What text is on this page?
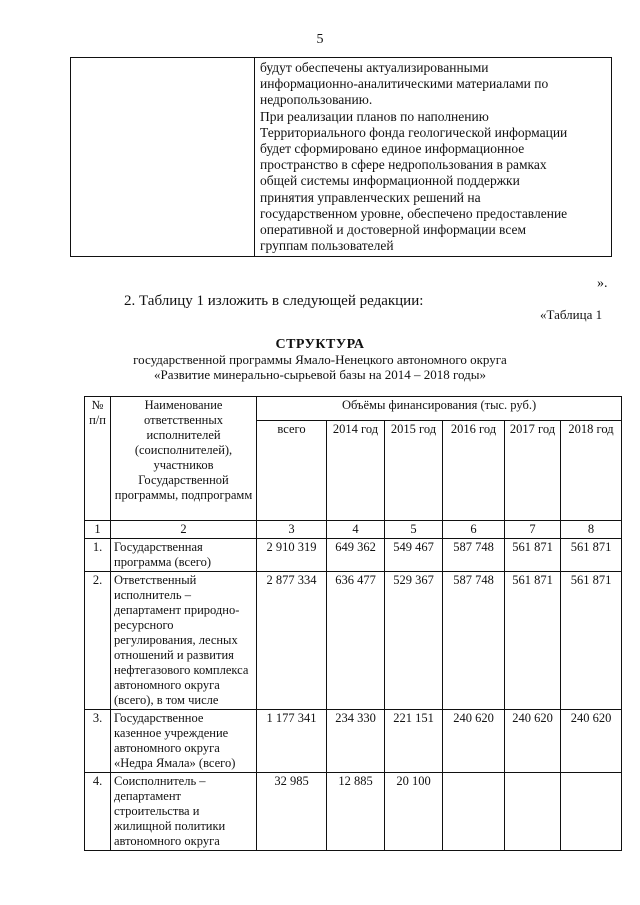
5

будут обеспечены актуализированными
информационно-аналитическими материалами по
недропользованию.
При реализации планов по наполнению
Территориального фонда геологической информации
будет сформировано единое информационное
пространство в сфере недропользования в рамках
общей системы информационной поддержки
принятия управленческих решений на
государственном уровне, обеспечено предоставление
оперативной и достоверной информации всем
группам пользователей
».
2. Таблицу 1 изложить в следующей редакции:
«Таблица 1
СТРУКТУРА
государственной программы Ямало-Ненецкого автономного округа
«Развитие минерально-сырьевой базы на 2014 – 2018 годы»
№ п/п	Наименование ответственных исполнителей (соисполнителей), участников Государственной программы, подпрограмм	Объёмы финансирования (тыс. руб.)					
		всего	2014 год	2015 год	2016 год	2017 год	2018 год
1	2	3	4	5	6	7	8
1.	Государственная программа (всего)	2 910 319	649 362	549 467	587 748	561 871	561 871
2.	Ответственный исполнитель – департамент природно-ресурсного регулирования, лесных отношений и развития нефтегазового комплекса автономного округа (всего), в том числе	2 877 334	636 477	529 367	587 748	561 871	561 871
3.	Государственное казенное учреждение автономного округа «Недра Ямала» (всего)	1 177 341	234 330	221 151	240 620	240 620	240 620
4.	Соисполнитель – департамент строительства и жилищной политики автономного округа	32 985	12 885	20 100			
